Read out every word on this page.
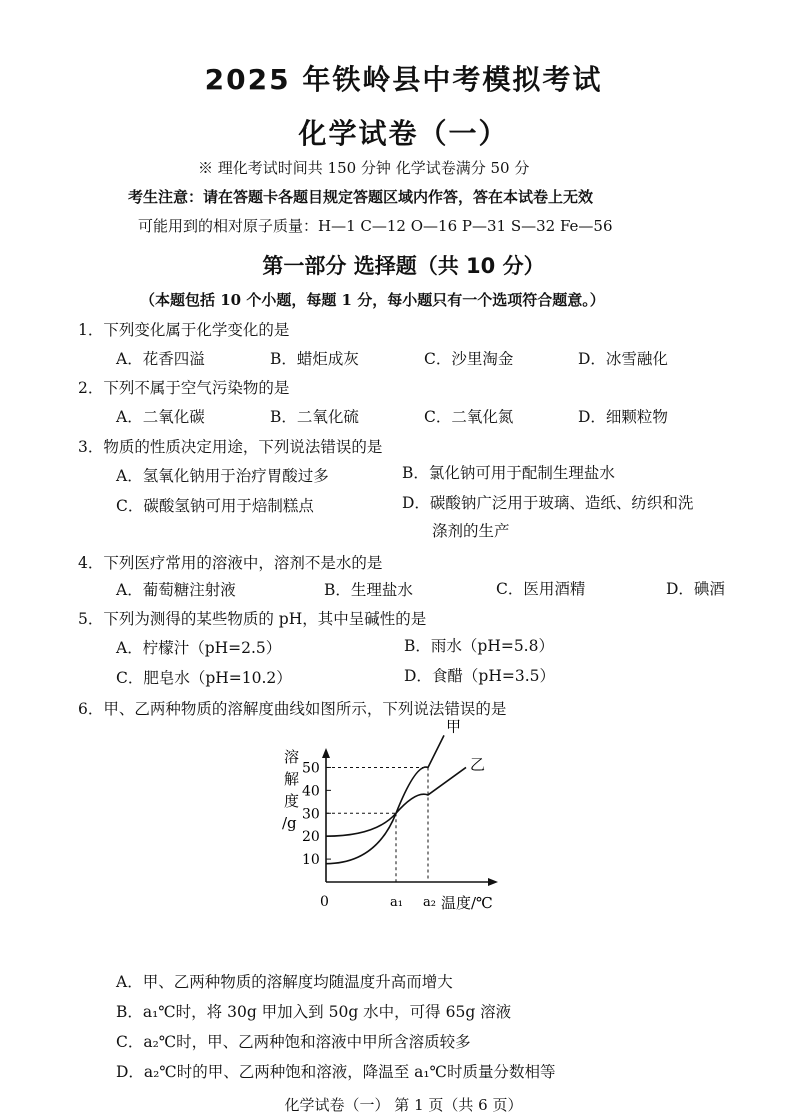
2025 年铁岭县中考模拟考试
化学试卷（一）
※ 理化考试时间共 150 分钟 化学试卷满分 50 分
考生注意：请在答题卡各题目规定答题区域内作答，答在本试卷上无效
可能用到的相对原子质量：H—1 C—12 O—16 P—31 S—32 Fe—56
第一部分 选择题（共 10 分）
（本题包括 10 个小题，每题 1 分，每小题只有一个选项符合题意。）
1．下列变化属于化学变化的是
A．花香四溢	B．蜡炬成灰	C．沙里淘金	D．冰雪融化
2．下列不属于空气污染物的是
A．二氧化碳	B．二氧化硫	C．二氧化氮	D．细颗粒物
3．物质的性质决定用途，下列说法错误的是
A．氢氧化钠用于治疗胃酸过多	B．氯化钠可用于配制生理盐水
C．碳酸氢钠可用于焙制糕点	D．碳酸钠广泛用于玻璃、造纸、纺织和洗
涤剂的生产
4．下列医疗常用的溶液中，溶剂不是水的是
A．葡萄糖注射液	B．生理盐水	C．医用酒精	D．碘酒
5．下列为测得的某些物质的 pH，其中呈碱性的是
A．柠檬汁（pH=2.5）	B．雨水（pH=5.8）
C．肥皂水（pH=10.2）	D．食醋（pH=3.5）
6．甲、乙两种物质的溶解度曲线如图所示，下列说法错误的是
溶
解
度
/g
50
40
30
20
10
0	a₁ a₂ 温度/℃
甲
乙
A．甲、乙两种物质的溶解度均随温度升高而增大
B．a₁℃时，将 30g 甲加入到 50g 水中，可得 65g 溶液
C．a₂℃时，甲、乙两种饱和溶液中甲所含溶质较多
D．a₂℃时的甲、乙两种饱和溶液，降温至 a₁℃时质量分数相等
化学试卷（一） 第 1 页（共 6 页）
